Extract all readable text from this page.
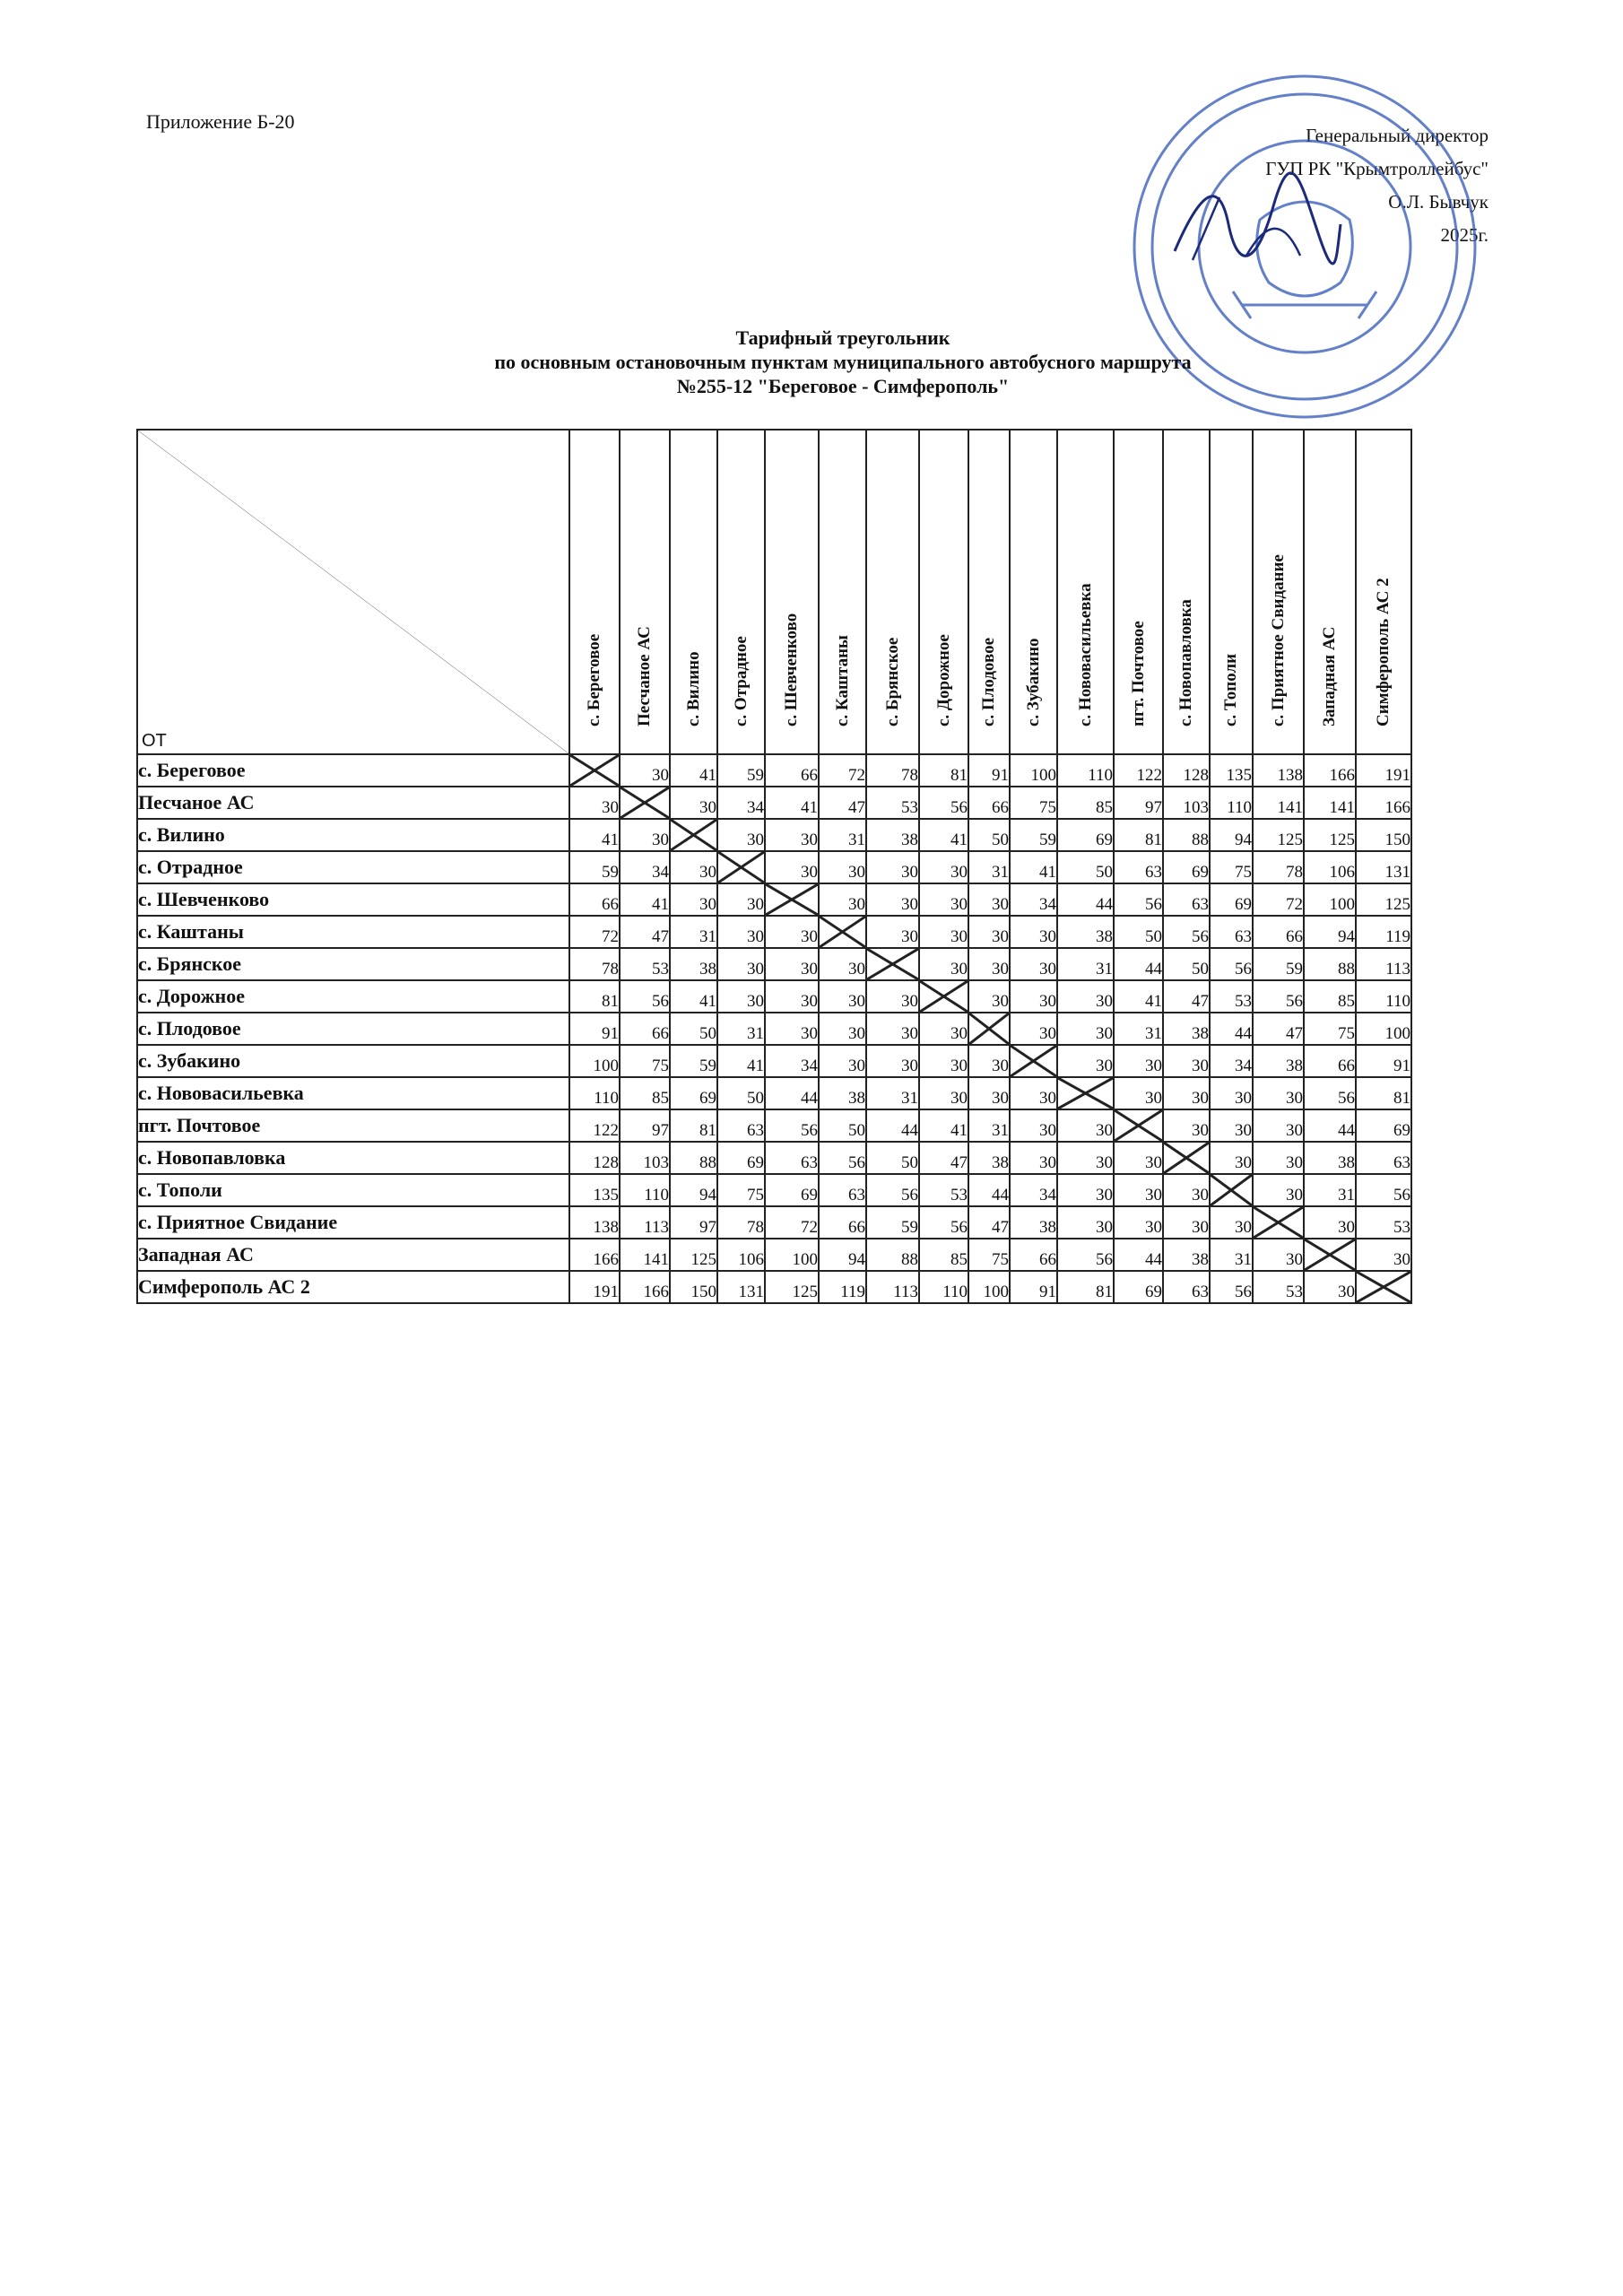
Приложение Б-20
Генеральный директор
ГУП РК "Крымтроллейбус"
О.Л. Бывчук
2025г.
Тарифный треугольник
по основным остановочным пунктам муниципального автобусного маршрута
№255-12 "Береговое - Симферополь"
ОТ	с. Береговое	Песчаное АС	с. Вилино	с. Отрадное	с. Шевченково	с. Каштаны	с. Брянское	с. Дорожное	с. Плодовое	с. Зубакино	с. Нововасильевка	пгт. Почтовое	с. Новопавловка	с. Тополи	с. Приятное Свидание	Западная АС	Симферополь АС 2

с. Береговое		30	41	59	66	72	78	81	91	100	110	122	128	135	138	166	191
Песчаное АС	30		30	34	41	47	53	56	66	75	85	97	103	110	141	141	166
с. Вилино	41	30		30	30	31	38	41	50	59	69	81	88	94	125	125	150
с. Отрадное	59	34	30		30	30	30	30	31	41	50	63	69	75	78	106	131
с. Шевченково	66	41	30	30		30	30	30	30	34	44	56	63	69	72	100	125
с. Каштаны	72	47	31	30	30		30	30	30	30	38	50	56	63	66	94	119
с. Брянское	78	53	38	30	30	30		30	30	30	31	44	50	56	59	88	113
с. Дорожное	81	56	41	30	30	30	30		30	30	30	41	47	53	56	85	110
с. Плодовое	91	66	50	31	30	30	30	30		30	30	31	38	44	47	75	100
с. Зубакино	100	75	59	41	34	30	30	30	30		30	30	30	34	38	66	91
с. Нововасильевка	110	85	69	50	44	38	31	30	30	30		30	30	30	30	56	81
пгт. Почтовое	122	97	81	63	56	50	44	41	31	30	30		30	30	30	44	69
с. Новопавловка	128	103	88	69	63	56	50	47	38	30	30	30		30	30	38	63
с. Тополи	135	110	94	75	69	63	56	53	44	34	30	30	30		30	31	56
с. Приятное Свидание	138	113	97	78	72	66	59	56	47	38	30	30	30	30		30	53
Западная АС	166	141	125	106	100	94	88	85	75	66	56	44	38	31	30		30
Симферополь АС 2	191	166	150	131	125	119	113	110	100	91	81	69	63	56	53	30	
